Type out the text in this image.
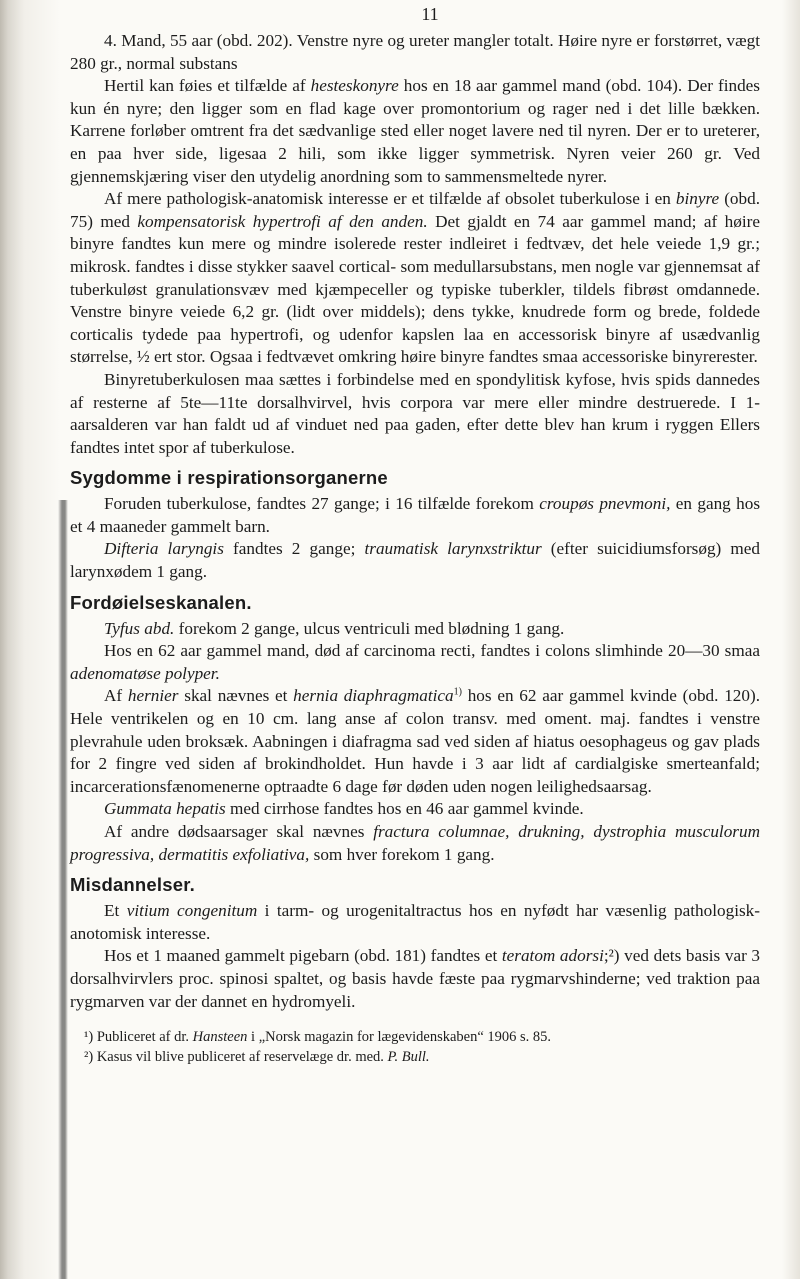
11

4. Mand, 55 aar (obd. 202). Venstre nyre og ureter mangler totalt. Høire nyre er forstørret, vægt 280 gr., normal substans

Hertil kan føies et tilfælde af hesteskonyre hos en 18 aar gammel mand (obd. 104). Der findes kun én nyre; den ligger som en flad kage over promontorium og rager ned i det lille bækken. Karrene forløber omtrent fra det sædvanlige sted eller noget lavere ned til nyren. Der er to ureterer, en paa hver side, ligesaa 2 hili, som ikke ligger symmetrisk. Nyren veier 260 gr. Ved gjennemskjæring viser den utydelig anordning som to sammensmeltede nyrer.

Af mere pathologisk-anatomisk interesse er et tilfælde af obsolet tuberkulose i en binyre (obd. 75) med kompensatorisk hypertrofi af den anden. Det gjaldt en 74 aar gammel mand; af høire binyre fandtes kun mere og mindre isolerede rester indleiret i fedtvæv, det hele veiede 1,9 gr.; mikrosk. fandtes i disse stykker saavel cortical- som medullarsubstans, men nogle var gjennemsat af tuberkuløst granulationsvæv med kjæmpeceller og typiske tuberkler, tildels fibrøst omdannede. Venstre binyre veiede 6,2 gr. (lidt over middels); dens tykke, knudrede form og brede, foldede corticalis tydede paa hypertrofi, og udenfor kapslen laa en accessorisk binyre af usædvanlig størrelse, ½ ert stor. Ogsaa i fedtvævet omkring høire binyre fandtes smaa accessoriske binyrerester.

Binyretuberkulosen maa sættes i forbindelse med en spondylitisk kyfose, hvis spids dannedes af resterne af 5te—11te dorsalhvirvel, hvis corpora var mere eller mindre destruerede. I 1-aarsalderen var han faldt ud af vinduet ned paa gaden, efter dette blev han krum i ryggen Ellers fandtes intet spor af tuberkulose.

Sygdomme i respirationsorganerne

Foruden tuberkulose, fandtes 27 gange; i 16 tilfælde forekom croupøs pnevmoni, en gang hos et 4 maaneder gammelt barn.

Difteria laryngis fandtes 2 gange; traumatisk larynxstriktur (efter suicidiumsforsøg) med larynxødem 1 gang.

Fordøielseskanalen.

Tyfus abd. forekom 2 gange, ulcus ventriculi med blødning 1 gang.

Hos en 62 aar gammel mand, død af carcinoma recti, fandtes i colons slimhinde 20—30 smaa adenomatøse polyper.

Af hernier skal nævnes et hernia diaphragmatica$^{1)}$ hos en 62 aar gammel kvinde (obd. 120). Hele ventrikelen og en 10 cm. lang anse af colon transv. med oment. maj. fandtes i venstre plevrahule uden broksæk. Aabningen i diafragma sad ved siden af hiatus oesophageus og gav plads for 2 fingre ved siden af brokindholdet. Hun havde i 3 aar lidt af cardialgiske smerteanfald; incarcerationsfænomenerne optraadte 6 dage før døden uden nogen leilighedsaarsag.

Gummata hepatis med cirrhose fandtes hos en 46 aar gammel kvinde.

Af andre dødsaarsager skal nævnes fractura columnae, drukning, dystrophia musculorum progressiva, dermatitis exfoliativa, som hver forekom 1 gang.

Misdannelser.

Et vitium congenitum i tarm- og urogenitaltractus hos en nyfødt har væsenlig pathologisk-anotomisk interesse.

Hos et 1 maaned gammelt pigebarn (obd. 181) fandtes et teratom adorsi;²) ved dets basis var 3 dorsalhvirvlers proc. spinosi spaltet, og basis havde fæste paa rygmarvshinderne; ved traktion paa rygmarven var der dannet en hydromyeli.

¹) Publiceret af dr. Hansteen i „Norsk magazin for lægevidenskaben“ 1906 s. 85.

²) Kasus vil blive publiceret af reservelæge dr. med. P. Bull.
